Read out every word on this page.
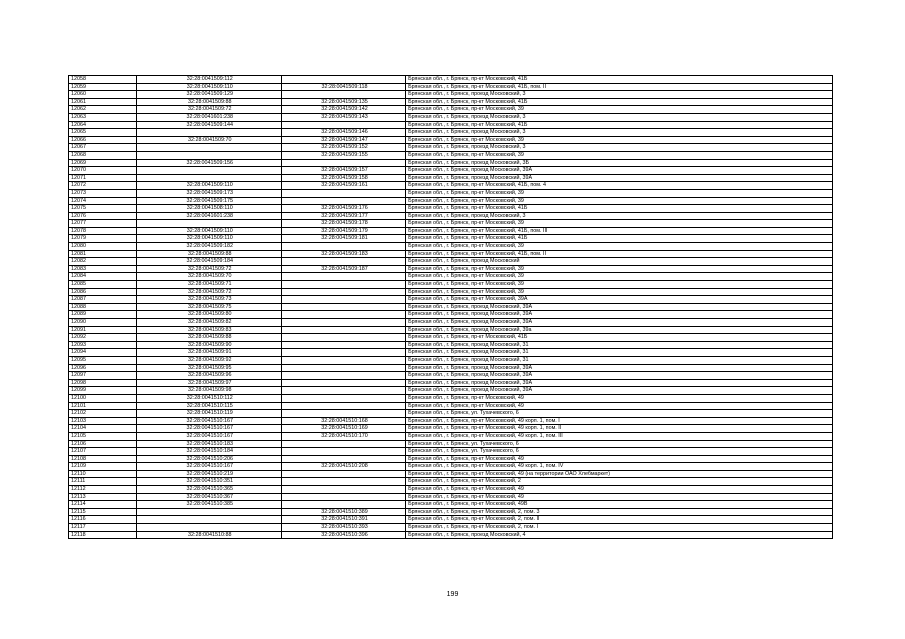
12058	32:28:0041509:112		Брянская обл., г. Брянск, пр-кт Московский, 41Б
12059	32:28:0041509:110	32:28:0041509:118	Брянская обл., г. Брянск, пр-кт Московский, 41Б, пом. II
12060	32:28:0041509:129		Брянская обл., г. Брянск, проезд Московский, 3
12061	32:28:0041509:88	32:28:0041509:135	Брянская обл., г. Брянск, пр-кт Московский, 41Б
12062	32:28:0041509:72	32:28:0041509:142	Брянская обл., г. Брянск, пр-кт Московский, 39
12063	32:28:0041601:238	32:28:0041509:143	Брянская обл., г. Брянск, проезд Московский, 3
12064	32:28:0041509:144		Брянская обл., г. Брянск, пр-кт Московский, 41Б
12065		32:28:0041509:146	Брянская обл., г. Брянск, проезд Московский, 3
12066	32:28:0041509:70	32:28:0041509:147	Брянская обл., г. Брянск, пр-кт Московский, 39
12067		32:28:0041509:152	Брянская обл., г. Брянск, проезд Московский, 3
12068		32:28:0041509:155	Брянская обл., г. Брянск, пр-кт Московский, 39
12069	32:28:0041509:156		Брянская обл., г. Брянск, проезд Московский, 3Б
12070		32:28:0041509:157	Брянская обл., г. Брянск, проезд Московский, 39А
12071		32:28:0041509:158	Брянская обл., г. Брянск, проезд Московский, 39А
12072	32:28:0041509:110	32:28:0041509:161	Брянская обл., г. Брянск, пр-кт Московский, 41Б, пом. 4
12073	32:28:0041509:173		Брянская обл., г. Брянск, пр-кт Московский, 39
12074	32:28:0041509:175		Брянская обл., г. Брянск, пр-кт Московский, 39
12075	32:28:0041508:110	32:28:0041509:176	Брянская обл., г. Брянск, пр-кт Московский, 41Б
12076	32:28:0041601:238	32:28:0041509:177	Брянская обл., г. Брянск, проезд Московский, 3
12077		32:28:0041509:178	Брянская обл., г. Брянск, пр-кт Московский, 39
12078	32:28:0041509:110	32:28:0041509:179	Брянская обл., г. Брянск, пр-кт Московский, 41Б, пом. III
12079	32:28:0041509:110	32:28:0041509:181	Брянская обл., г. Брянск, пр-кт Московский, 41Б
12080	32:28:0041509:182		Брянская обл., г. Брянск, пр-кт Московский, 39
12081	32:28:0041509:88	32:28:0041509:183	Брянская обл., г. Брянск, пр-кт Московский, 41Б, пом. II
12082	32:28:0041509:184		Брянская обл., г. Брянск, проезд Московский
12083	32:28:0041509:72	32:28:0041509:187	Брянская обл., г. Брянск, пр-кт Московский, 39
12084	32:28:0041509:70		Брянская обл., г. Брянск, пр-кт Московский, 39
12085	32:28:0041509:71		Брянская обл., г. Брянск, пр-кт Московский, 39
12086	32:28:0041509:72		Брянская обл., г. Брянск, пр-кт Московский, 39
12087	32:28:0041509:73		Брянская обл., г. Брянск, пр-кт Московский, 39А
12088	32:28:0041509:75		Брянская обл., г. Брянск, проезд Московский, 39А
12089	32:28:0041509:80		Брянская обл., г. Брянск, проезд Московский, 39А
12090	32:28:0041509:82		Брянская обл., г. Брянск, проезд Московский, 39А
12091	32:28:0041509:83		Брянская обл., г. Брянск, проезд Московский, 39а
12092	32:28:0041509:88		Брянская обл., г. Брянск, пр-кт Московский, 41Б
12093	32:28:0041509:90		Брянская обл., г. Брянск, проезд Московский, 31
12094	32:28:0041509:91		Брянская обл., г. Брянск, проезд Московский, 31
12095	32:28:0041509:92		Брянская обл., г. Брянск, проезд Московский, 31
12096	32:28:0041509:95		Брянская обл., г. Брянск, проезд Московский, 39А
12097	32:28:0041509:96		Брянская обл., г. Брянск, проезд Московский, 39А
12098	32:28:0041509:97		Брянская обл., г. Брянск, проезд Московский, 39А
12099	32:28:0041509:98		Брянская обл., г. Брянск, проезд Московский, 39А
12100	32:28:0041510:112		Брянская обл., г. Брянск, пр-кт Московский, 49
12101	32:28:0041510:115		Брянская обл., г. Брянск, пр-кт Московский, 49
12102	32:28:0041510:119		Брянская обл., г. Брянск, ул. Тухачевского, 6
12103	32:28:0041510:167	32:28:0041510:168	Брянская обл., г. Брянск, пр-кт Московский, 49 корп. 1, пом. I
12104	32:28:0041510:167	32:28:0041510:169	Брянская обл., г. Брянск, пр-кт Московский, 49 корп. 1, пом. II
12105	32:28:0041510:167	32:28:0041510:170	Брянская обл., г. Брянск, пр-кт Московский, 49 корп. 1, пом. III
12106	32:28:0041510:183		Брянская обл., г. Брянск, ул. Тухачевского, 6
12107	32:28:0041510:184		Брянская обл., г. Брянск, ул. Тухачевского, 6
12108	32:28:0041510:206		Брянская обл., г. Брянск, пр-кт Московский, 49
12109	32:28:0041510:167	32:28:0041510:208	Брянская обл., г. Брянск, пр-кт Московский, 49 корп. 1, пом. IV
12110	32:28:0041510:219		Брянская обл., г. Брянск, пр-кт Московский, 49 (на территории ОАО Хлебмаркет)
12111	32:28:0041510:351		Брянская обл., г. Брянск, пр-кт Московский, 2
12112	32:28:0041510:365		Брянская обл., г. Брянск, пр-кт Московский, 49
12113	32:28:0041510:367		Брянская обл., г. Брянск, пр-кт Московский, 49
12114	32:28:0041510:385		Брянская обл., г. Брянск, пр-кт Московский, 49В
12115		32:28:0041510:389	Брянская обл., г. Брянск, пр-кт Московский, 2, пом. 3
12116		32:28:0041510:391	Брянская обл., г. Брянск, пр-кт Московский, 2, пом. II
12117		32:28:0041510:393	Брянская обл., г. Брянск, пр-кт Московский, 2, пом. I
12118	32:28:0041510:88	32:28:0041510:396	Брянская обл., г. Брянск, проезд Московский, 4
199
